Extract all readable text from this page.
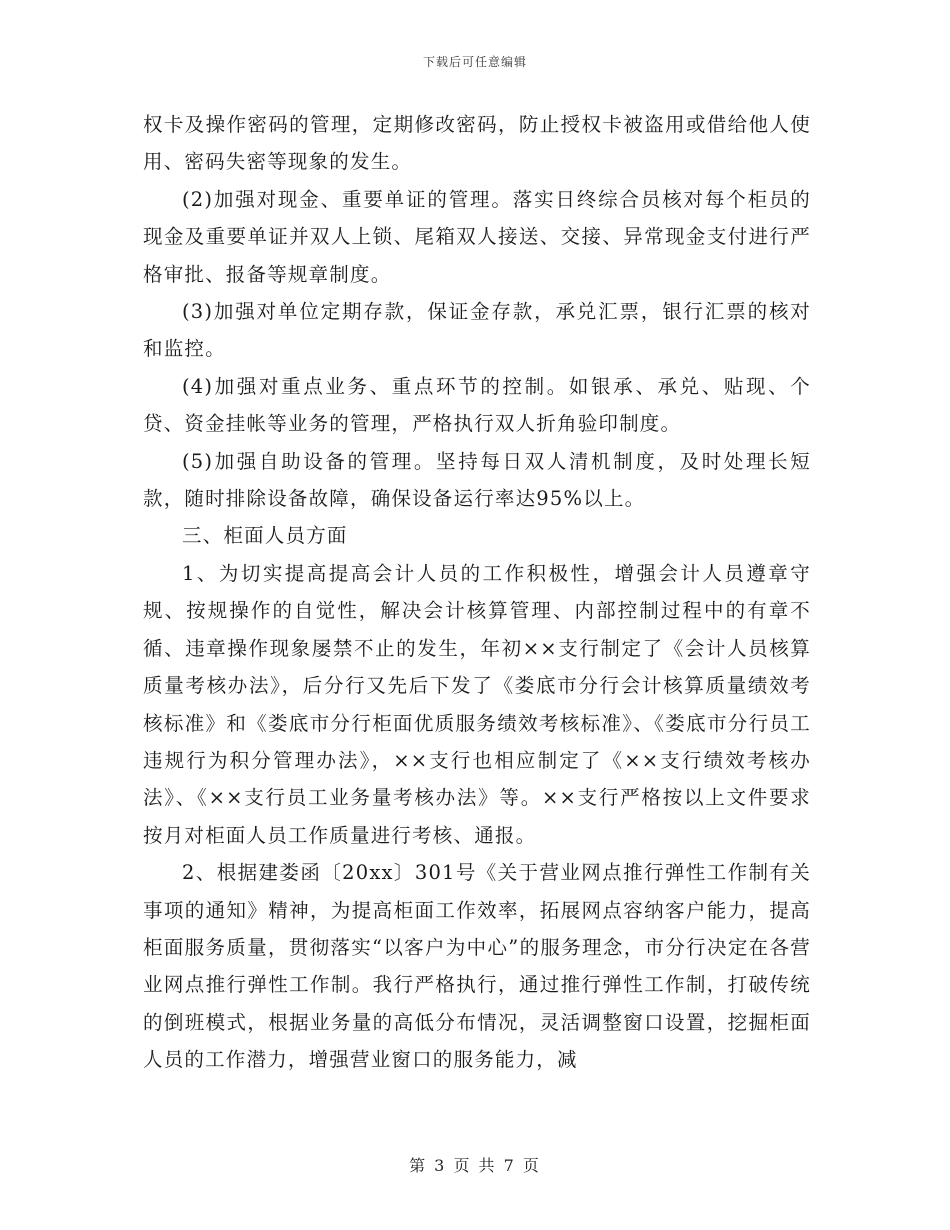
下载后可任意编辑

权卡及操作密码的管理，定期修改密码，防止授权卡被盗用或借给他人使用、密码失密等现象的发生。

(2)加强对现金、重要单证的管理。落实日终综合员核对每个柜员的现金及重要单证并双人上锁、尾箱双人接送、交接、异常现金支付进行严格审批、报备等规章制度。

(3)加强对单位定期存款，保证金存款，承兑汇票，银行汇票的核对和监控。

(4)加强对重点业务、重点环节的控制。如银承、承兑、贴现、个贷、资金挂帐等业务的管理，严格执行双人折角验印制度。

(5)加强自助设备的管理。坚持每日双人清机制度，及时处理长短款，随时排除设备故障，确保设备运行率达95%以上。

三、柜面人员方面

1、为切实提高提高会计人员的工作积极性，增强会计人员遵章守规、按规操作的自觉性，解决会计核算管理、内部控制过程中的有章不循、违章操作现象屡禁不止的发生，年初××支行制定了《会计人员核算质量考核办法》，后分行又先后下发了《娄底市分行会计核算质量绩效考核标准》和《娄底市分行柜面优质服务绩效考核标准》、《娄底市分行员工违规行为积分管理办法》，××支行也相应制定了《××支行绩效考核办法》、《××支行员工业务量考核办法》等。××支行严格按以上文件要求按月对柜面人员工作质量进行考核、通报。

2、根据建娄函〔20xx〕301号《关于营业网点推行弹性工作制有关事项的通知》精神，为提高柜面工作效率，拓展网点容纳客户能力，提高柜面服务质量，贯彻落实“以客户为中心”的服务理念，市分行决定在各营业网点推行弹性工作制。我行严格执行，通过推行弹性工作制，打破传统的倒班模式，根据业务量的高低分布情况，灵活调整窗口设置，挖掘柜面人员的工作潜力，增强营业窗口的服务能力，减

第 3 页 共 7 页
